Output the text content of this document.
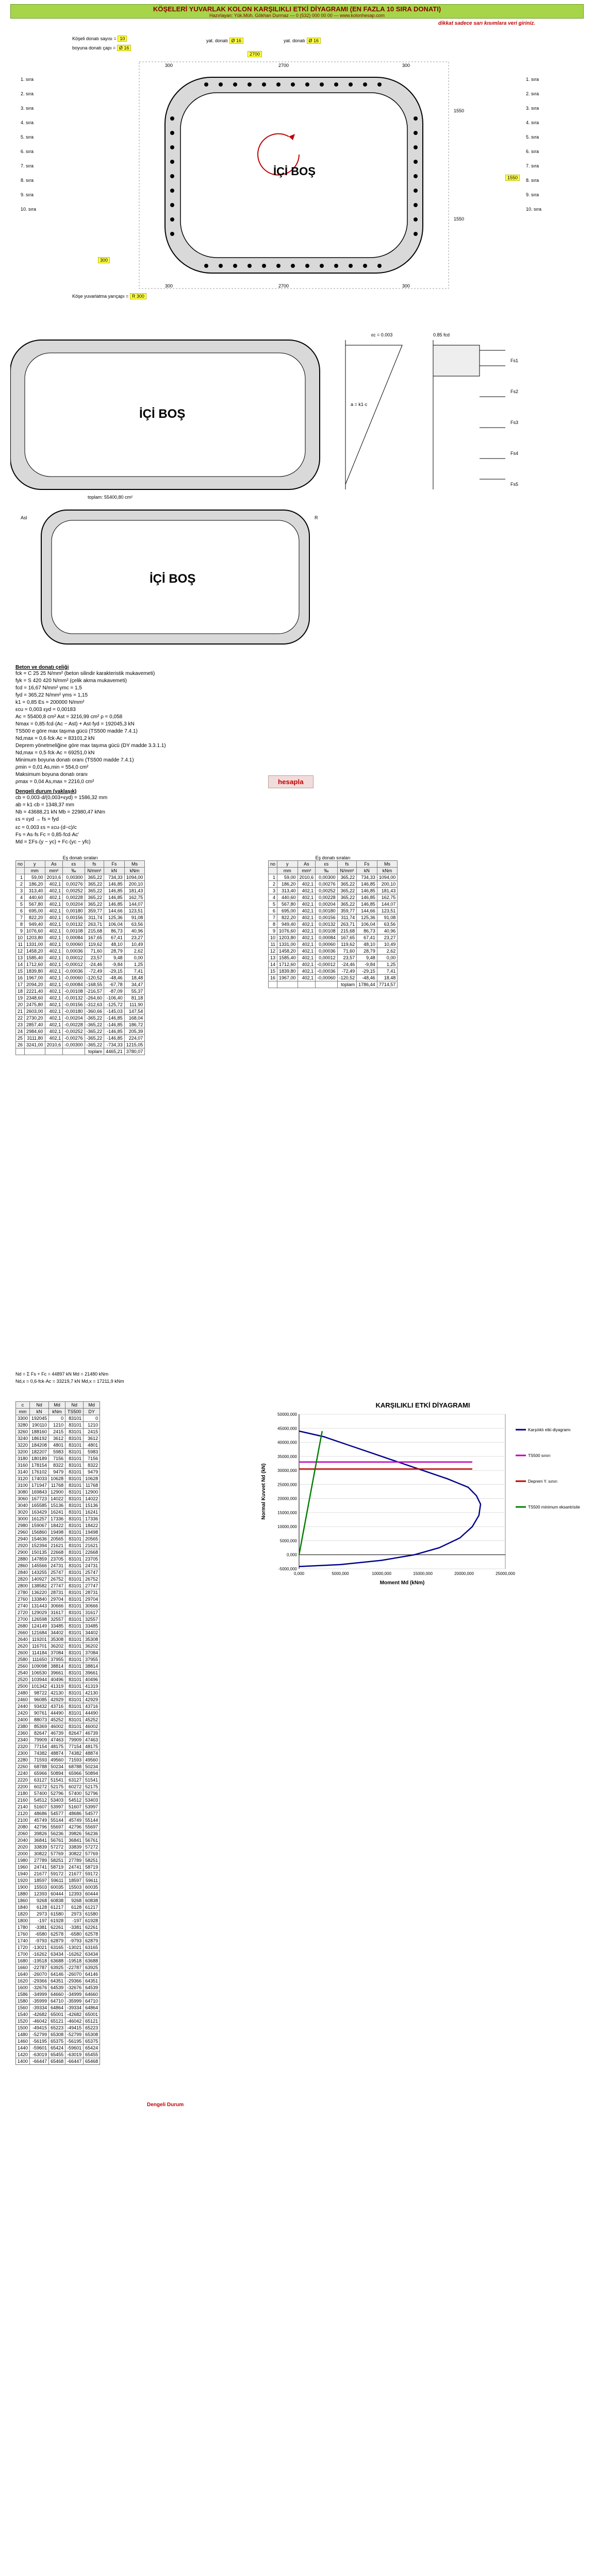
KÖŞELERİ YUVARLAK KOLON KARŞILIKLI ETKİ DİYAGRAMI (EN FAZLA 10 SIRA DONATI)
Hazırlayan: Yük.Müh. Gökhan Durmaz — 0 (532) 000 00 00 — www.kolonhesap.com
dikkat sadece sarı kısımlara veri giriniz.
Köşeli donatı sayısı = 10
boyuna donatı çapı = Ø 16
yat. donatı Ø 16	yat. donatı Ø 16
2700
300
Köşe yuvarlatma yarıçapı = R 300
1550
İÇİ BOŞ
1. sıra
2. sıra
3. sıra
4. sıra
5. sıra
6. sıra
7. sıra
8. sıra
9. sıra
10. sıra
1. sıra
2. sıra
3. sıra
4. sıra
5. sıra
6. sıra
7. sıra
8. sıra
9. sıra
10. sıra
300	2700	300
1550
1550
300	2700	300
İÇİ BOŞ
İÇİ BOŞ
εc = 0.003	0.85 fcd
a = k1·c
Fs1
Fs2
Fs3
Fs4
Fs5
toplam: 55400,80 cm²
Asl	R
Beton ve donatı çeliği
fck = C 25 25 N/mm² (beton silindir karakteristik mukavemeti)
fyk = S 420 420 N/mm² (çelik akma mukavemeti)
fcd = 16,67 N/mm² γmc = 1,5
fyd = 365,22 N/mm² γms = 1,15
k1 = 0,85 Es = 200000 N/mm²
εcu = 0,003 εyd = 0,00183
Ac = 55400,8 cm² Ast = 3216,99 cm² ρ = 0,058
Nmax = 0,85·fcd·(Ac − Ast) + Ast·fyd = 192045,3 kN
TS500 e göre max taşıma gücü (TS500 madde 7.4.1)
Nd,max = 0,6·fck·Ac = 83101,2 kN
Deprem yönetmeliğine göre max taşıma gücü (DY madde 3.3.1.1)
Nd,max = 0,5·fck·Ac = 69251,0 kN
Minimum boyuna donatı oranı (TS500 madde 7.4.1)
ρmin = 0,01 As,min = 554,0 cm²
Maksimum boyuna donatı oranı
ρmax = 0,04 As,max = 2216,0 cm²
Dengeli durum (yaklaşık)
cb = 0,003·d/(0,003+εyd) = 1586,32 mm
ab = k1·cb = 1348,37 mm
Nb = 43688,21 kN Mb = 22980,47 kNm
εs = εyd → fs = fyd
hesapla
εc = 0,003 εs = εcu·(d−c)/c
Fs = As·fs Fc = 0,85·fcd·Ac'
Md = ΣFs·(y − yc) + Fc·(yc − yfc)
Eş donatı sıraları
no	y	As	εs	fs	Fs	Ms
	mm	mm²	‰	N/mm²	kN	kNm
1	59,00	2010,6	0,00300	365,22	734,33	1094,00
2	186,20	402,1	0,00276	365,22	146,85	200,10
3	313,40	402,1	0,00252	365,22	146,85	181,43
4	440,60	402,1	0,00228	365,22	146,85	162,75
5	567,80	402,1	0,00204	365,22	146,85	144,07
6	695,00	402,1	0,00180	359,77	144,66	123,51
7	822,20	402,1	0,00156	311,74	125,36	91,08
8	949,40	402,1	0,00132	263,71	106,04	63,56
9	1076,60	402,1	0,00108	215,68	86,73	40,96
10	1203,80	402,1	0,00084	167,65	67,41	23,27
11	1331,00	402,1	0,00060	119,62	48,10	10,49
12	1458,20	402,1	0,00036	71,60	28,79	2,62
13	1585,40	402,1	0,00012	23,57	9,48	0,00
14	1712,60	402,1	-0,00012	-24,46	-9,84	1,25
15	1839,80	402,1	-0,00036	-72,49	-29,15	7,41
16	1967,00	402,1	-0,00060	-120,52	-48,46	18,48
17	2094,20	402,1	-0,00084	-168,55	-67,78	34,47
18	2221,40	402,1	-0,00108	-216,57	-87,09	55,37
19	2348,60	402,1	-0,00132	-264,60	-106,40	81,18
20	2475,80	402,1	-0,00156	-312,63	-125,72	111,90
21	2603,00	402,1	-0,00180	-360,66	-145,03	147,54
22	2730,20	402,1	-0,00204	-365,22	-146,85	168,04
23	2857,40	402,1	-0,00228	-365,22	-146,85	186,72
24	2984,60	402,1	-0,00252	-365,22	-146,85	205,39
25	3111,80	402,1	-0,00276	-365,22	-146,85	224,07
26	3241,00	2010,6	-0,00300	-365,22	-734,33	1215,05
				toplam	4465,21	3780,07
Eş donatı sıraları
no	y	As	εs	fs	Fs	Ms
	mm	mm²	‰	N/mm²	kN	kNm
1	59,00	2010,6	0,00300	365,22	734,33	1094,00
2	186,20	402,1	0,00276	365,22	146,85	200,10
3	313,40	402,1	0,00252	365,22	146,85	181,43
4	440,60	402,1	0,00228	365,22	146,85	162,75
5	567,80	402,1	0,00204	365,22	146,85	144,07
6	695,00	402,1	0,00180	359,77	144,66	123,51
7	822,20	402,1	0,00156	311,74	125,36	91,08
8	949,40	402,1	0,00132	263,71	106,04	63,56
9	1076,60	402,1	0,00108	215,68	86,73	40,96
10	1203,80	402,1	0,00084	167,65	67,41	23,27
11	1331,00	402,1	0,00060	119,62	48,10	10,49
12	1458,20	402,1	0,00036	71,60	28,79	2,62
13	1585,40	402,1	0,00012	23,57	9,48	0,00
14	1712,60	402,1	-0,00012	-24,46	-9,84	1,25
15	1839,80	402,1	-0,00036	-72,49	-29,15	7,41
16	1967,00	402,1	-0,00060	-120,52	-48,46	18,48
				toplam	1786,44	7714,57
Nd = Σ Fs + Fc = 44897 kN Md = 21480 kNm
Nd,x = 0,6·fck·Ac = 33219,7 kN Md,x = 17211,9 kNm
c	Nd	Md	Nd	Md
mm	kN	kNm	TS500	DY
3300	192045	0	83101	0
3280	190110	1210	83101	1210
3260	188160	2415	83101	2415
3240	186192	3612	83101	3612
3220	184208	4801	83101	4801
3200	182207	5983	83101	5983
3180	180189	7156	83101	7156
3160	178154	8322	83101	8322
3140	176102	9479	83101	9479
3120	174033	10628	83101	10628
3100	171947	11768	83101	11768
3080	169843	12900	83101	12900
3060	167723	14022	83101	14022
3040	165585	15136	83101	15136
3020	163429	16241	83101	16241
3000	161257	17336	83101	17336
2980	159067	18422	83101	18422
2960	156860	19498	83101	19498
2940	154636	20565	83101	20565
2920	152394	21621	83101	21621
2900	150135	22668	83101	22668
2880	147859	23705	83101	23705
2860	145566	24731	83101	24731
2840	143255	25747	83101	25747
2820	140927	26752	83101	26752
2800	138582	27747	83101	27747
2780	136220	28731	83101	28731
2760	133840	29704	83101	29704
2740	131443	30666	83101	30666
2720	129029	31617	83101	31617
2700	126598	32557	83101	32557
2680	124149	33485	83101	33485
2660	121684	34402	83101	34402
2640	119201	35308	83101	35308
2620	116701	36202	83101	36202
2600	114184	37084	83101	37084
2580	111650	37955	83101	37955
2560	109098	38814	83101	38814
2540	106530	39661	83101	39661
2520	103944	40496	83101	40496
2500	101342	41319	83101	41319
2480	98722	42130	83101	42130
2460	96085	42929	83101	42929
2440	93432	43716	83101	43716
2420	90761	44490	83101	44490
2400	88073	45252	83101	45252
2380	85369	46002	83101	46002
2360	82647	46739	82647	46739
2340	79909	47463	79909	47463
2320	77154	48175	77154	48175
2300	74382	48874	74382	48874
2280	71593	49560	71593	49560
2260	68788	50234	68788	50234
2240	65966	50894	65966	50894
2220	63127	51541	63127	51541
2200	60272	52175	60272	52175
2180	57400	52796	57400	52796
2160	54512	53403	54512	53403
2140	51607	53997	51607	53997
2120	48686	54577	48686	54577
2100	45749	55144	45749	55144
2080	42796	55697	42796	55697
2060	39826	56236	39826	56236
2040	36841	56761	36841	56761
2020	33839	57272	33839	57272
2000	30822	57769	30822	57769
1980	27789	58251	27789	58251
1960	24741	58719	24741	58719
1940	21677	59172	21677	59172
1920	18597	59611	18597	59611
1900	15503	60035	15503	60035
1880	12393	60444	12393	60444
1860	9268	60838	9268	60838
1840	6128	61217	6128	61217
1820	2973	61580	2973	61580
1800	-197	61928	-197	61928
1780	-3381	62261	-3381	62261
1760	-6580	62578	-6580	62578
1740	-9793	62879	-9793	62879
1720	-13021	63165	-13021	63165
1700	-16262	63434	-16262	63434
1680	-19518	63688	-19518	63688
1660	-22787	63925	-22787	63925
1640	-26070	64146	-26070	64146
1620	-29366	64351	-29366	64351
1600	-32676	64539	-32676	64539
1586	-34999	64660	-34999	64660
1580	-35999	64710	-35999	64710
1560	-39334	64864	-39334	64864
1540	-42682	65001	-42682	65001
1520	-46042	65121	-46042	65121
1500	-49415	65223	-49415	65223
1480	-52799	65308	-52799	65308
1460	-56195	65375	-56195	65375
1440	-59601	65424	-59601	65424
1420	-63019	65455	-63019	65455
1400	-66447	65468	-66447	65468
Dengeli Durum
KARŞILIKLI ETKİ DİYAGRAMI
-5000,000
0,000
5000,000
10000,000
15000,000
20000,000
25000,000
30000,000
35000,000
40000,000
45000,000
50000,000
0,000	5000,000	10000,000	15000,000	20000,000	25000,000
Karşılıklı etki diyagramı
TS500 sınırı
Deprem Y. sınırı
TS500 minimum eksantrisite
Moment Md (kNm)
Normal Kuvvet Nd (kN)
